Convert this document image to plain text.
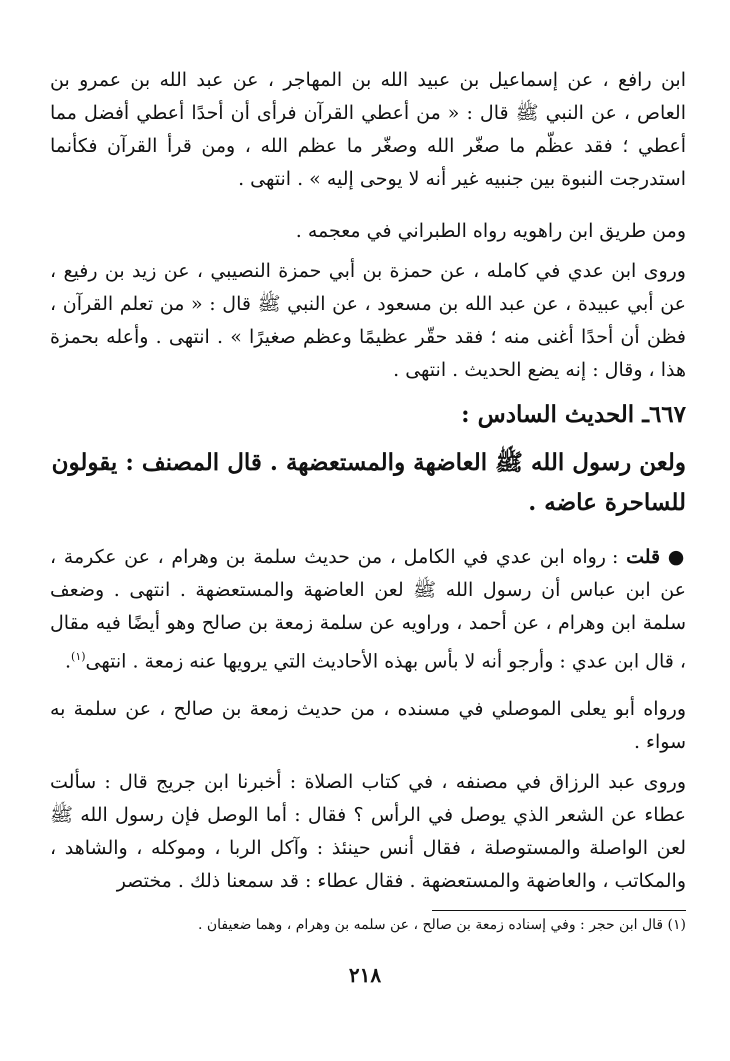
ابن رافع ، عن إسماعيل بن عبيد الله بن المهاجر ، عن عبد الله بن عمرو بن العاص ، عن النبي ﷺ قال : « من أعطي القرآن فرأى أن أحدًا أعطي أفضل مما أعطي ؛ فقد عظّم ما صغّر الله وصغّر ما عظم الله ، ومن قرأ القرآن فكأنما استدرجت النبوة بين جنبيه غير أنه لا يوحى إليه » . انتهى .

ومن طريق ابن راهويه رواه الطبراني في معجمه .

وروى ابن عدي في كامله ، عن حمزة بن أبي حمزة النصيبي ، عن زيد بن رفيع ، عن أبي عبيدة ، عن عبد الله بن مسعود ، عن النبي ﷺ قال : « من تعلم القرآن ، فظن أن أحدًا أغنى منه ؛ فقد حقّر عظيمًا وعظم صغيرًا » . انتهى . وأعله بحمزة هذا ، وقال : إنه يضع الحديث . انتهى .

٦٦٧ـ الحديث السادس :

ولعن رسول الله ﷺ العاضهة والمستعضهة . قال المصنف : يقولون للساحرة عاضه .

● قلت : رواه ابن عدي في الكامل ، من حديث سلمة بن وهرام ، عن عكرمة ، عن ابن عباس أن رسول الله ﷺ لعن العاضهة والمستعضهة . انتهى . وضعف سلمة ابن وهرام ، عن أحمد ، وراويه عن سلمة زمعة بن صالح وهو أيضًا فيه مقال ، قال ابن عدي : وأرجو أنه لا بأس بهذه الأحاديث التي يرويها عنه زمعة . انتهى$^{(١)}$.

ورواه أبو يعلى الموصلي في مسنده ، من حديث زمعة بن صالح ، عن سلمة به سواء .

وروى عبد الرزاق في مصنفه ، في كتاب الصلاة : أخبرنا ابن جريج قال : سألت عطاء عن الشعر الذي يوصل في الرأس ؟ فقال : أما الوصل فإن رسول الله ﷺ لعن الواصلة والمستوصلة ، فقال أنس حينئذ : وآكل الربا ، وموكله ، والشاهد ، والمكاتب ، والعاضهة والمستعضهة . فقال عطاء : قد سمعنا ذلك . مختصر

(١) قال ابن حجر : وفي إسناده زمعة بن صالح ، عن سلمه بن وهرام ، وهما ضعيفان .

٢١٨
